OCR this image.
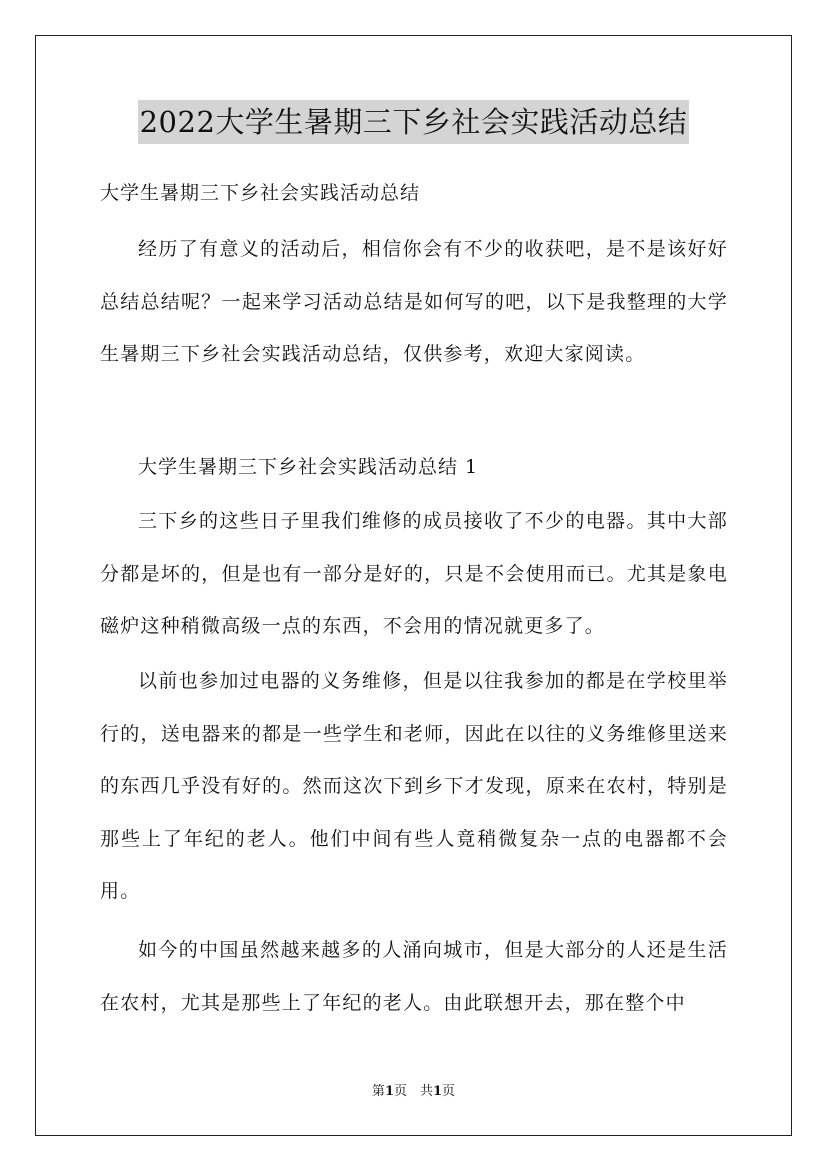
2022大学生暑期三下乡社会实践活动总结
大学生暑期三下乡社会实践活动总结

经历了有意义的活动后，相信你会有不少的收获吧，是不是该好好总结总结呢？一起来学习活动总结是如何写的吧，以下是我整理的大学生暑期三下乡社会实践活动总结，仅供参考，欢迎大家阅读。

大学生暑期三下乡社会实践活动总结 1

三下乡的这些日子里我们维修的成员接收了不少的电器。其中大部分都是坏的，但是也有一部分是好的，只是不会使用而已。尤其是象电磁炉这种稍微高级一点的东西，不会用的情况就更多了。

以前也参加过电器的义务维修，但是以往我参加的都是在学校里举行的，送电器来的都是一些学生和老师，因此在以往的义务维修里送来的东西几乎没有好的。然而这次下到乡下才发现，原来在农村，特别是那些上了年纪的老人。他们中间有些人竟稍微复杂一点的电器都不会用。

如今的中国虽然越来越多的人涌向城市，但是大部分的人还是生活在农村，尤其是那些上了年纪的老人。由此联想开去，那在整个中

第1页　共1页
